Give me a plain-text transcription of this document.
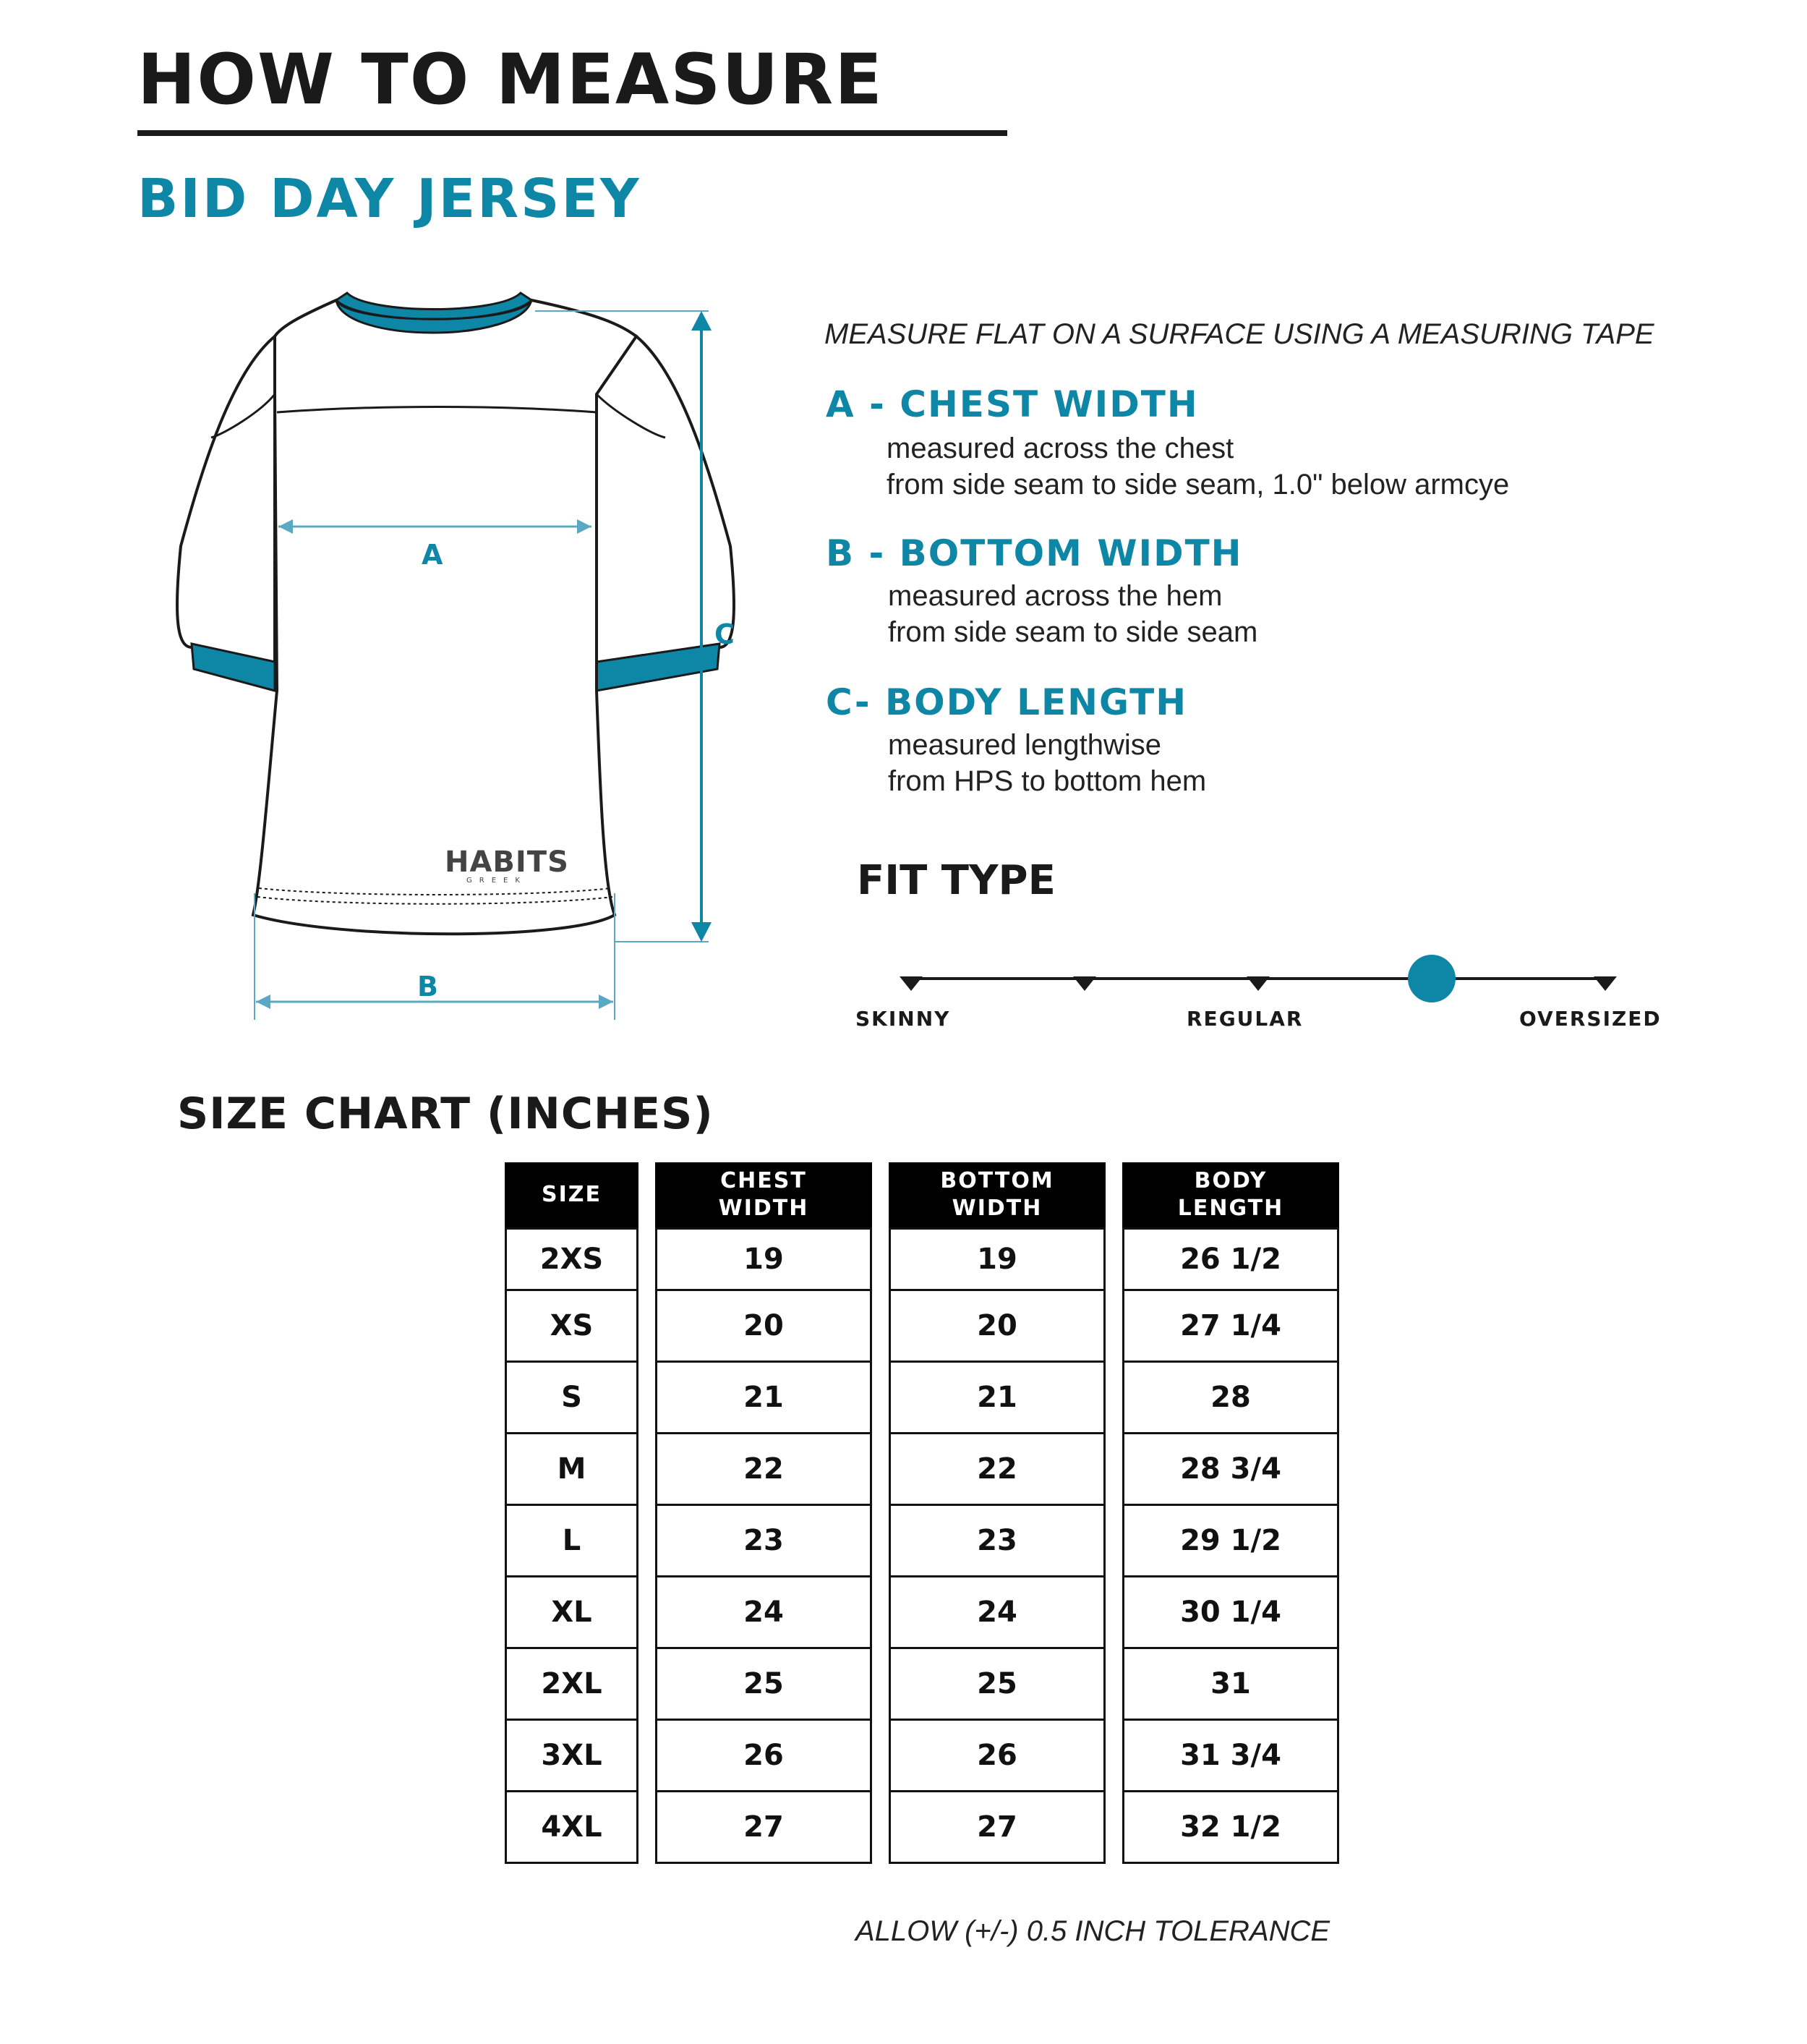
HOW TO MEASURE
BID DAY JERSEY
A
B
C
HABITS
GREEK
MEASURE FLAT ON A SURFACE USING A MEASURING TAPE
A - CHEST WIDTH
measured across the chest
from side seam to side seam, 1.0" below armcye
B - BOTTOM WIDTH
measured across the hem
from side seam to side seam
C- BODY LENGTH
measured lengthwise
from HPS to bottom hem
FIT TYPE
SKINNY	REGULAR	OVERSIZED
SIZE CHART (INCHES)
SIZE
2XS
XS
S
M
L
XL
2XL
3XL
4XL
CHEST
WIDTH
19
20
21
22
23
24
25
26
27
BOTTOM
WIDTH
19
20
21
22
23
24
25
26
27
BODY
LENGTH
26 1/2
27 1/4
28
28 3/4
29 1/2
30 1/4
31
31 3/4
32 1/2
ALLOW (+/-) 0.5 INCH TOLERANCE
